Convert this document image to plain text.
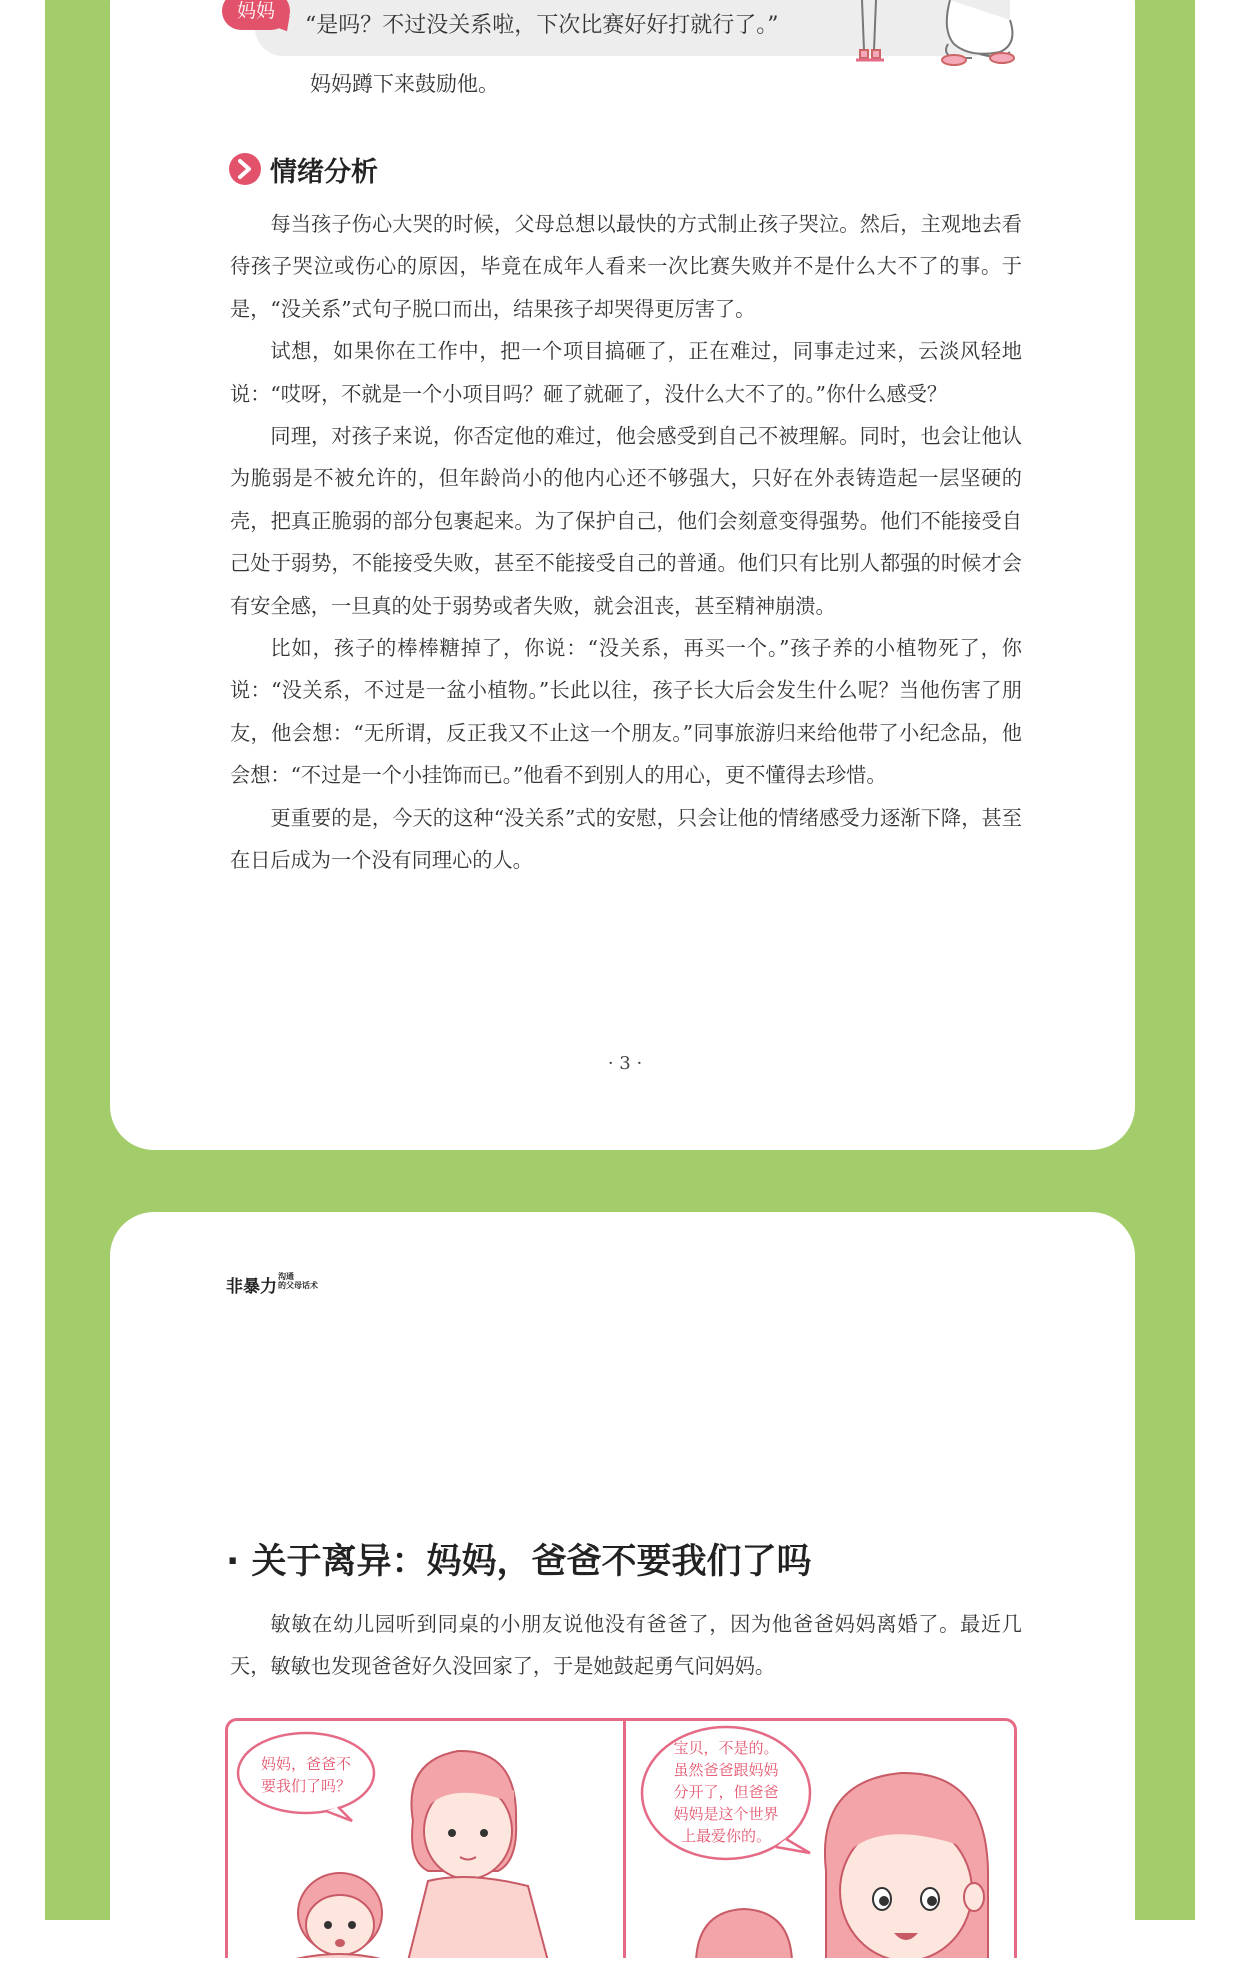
妈妈
“是吗？不过没关系啦，下次比赛好好打就行了。”
妈妈蹲下来鼓励他。
情绪分析

每当孩子伤心大哭的时候，父母总想以最快的方式制止孩子哭泣。然后，主观地去看待孩子哭泣或伤心的原因，毕竟在成年人看来一次比赛失败并不是什么大不了的事。于是，“没关系”式句子脱口而出，结果孩子却哭得更厉害了。

试想，如果你在工作中，把一个项目搞砸了，正在难过，同事走过来，云淡风轻地说：“哎呀，不就是一个小项目吗？砸了就砸了，没什么大不了的。”你什么感受？

同理，对孩子来说，你否定他的难过，他会感受到自己不被理解。同时，也会让他认为脆弱是不被允许的，但年龄尚小的他内心还不够强大，只好在外表铸造起一层坚硬的壳，把真正脆弱的部分包裹起来。为了保护自己，他们会刻意变得强势。他们不能接受自己处于弱势，不能接受失败，甚至不能接受自己的普通。他们只有比别人都强的时候才会有安全感，一旦真的处于弱势或者失败，就会沮丧，甚至精神崩溃。

比如，孩子的棒棒糖掉了，你说：“没关系，再买一个。”孩子养的小植物死了，你说：“没关系，不过是一盆小植物。”长此以往，孩子长大后会发生什么呢？当他伤害了朋友，他会想：“无所谓，反正我又不止这一个朋友。”同事旅游归来给他带了小纪念品，他会想：“不过是一个小挂饰而已。”他看不到别人的用心，更不懂得去珍惜。

更重要的是，今天的这种“没关系”式的安慰，只会让他的情绪感受力逐渐下降，甚至在日后成为一个没有同理心的人。

· 3 ·
非暴力沟通
的父母话术
· 关于离异：妈妈，爸爸不要我们了吗

敏敏在幼儿园听到同桌的小朋友说他没有爸爸了，因为他爸爸妈妈离婚了。最近几天，敏敏也发现爸爸好久没回家了，于是她鼓起勇气问妈妈。

妈妈，爸爸不
要我们了吗？
宝贝，不是的。
虽然爸爸跟妈妈
分开了，但爸爸
妈妈是这个世界
上最爱你的。
